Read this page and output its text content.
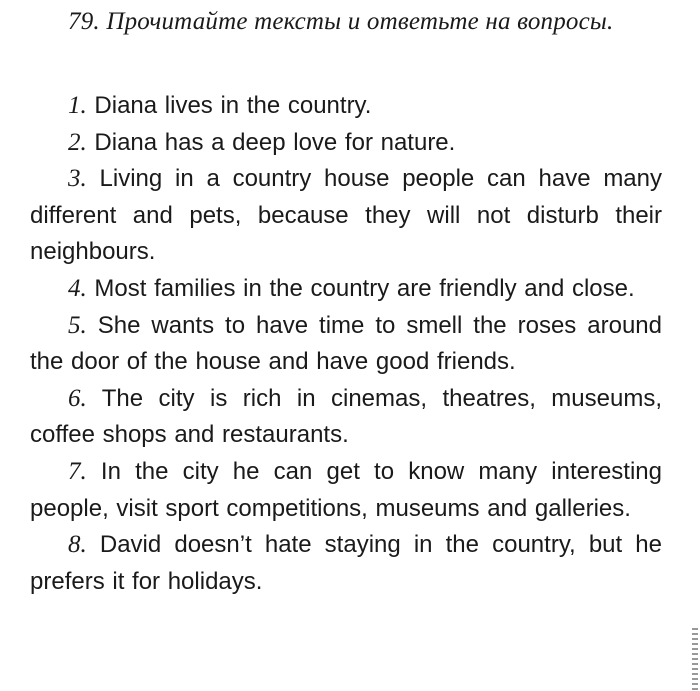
79. Прочитайте тексты и ответьте на вопросы.

1. Diana lives in the country.

2. Diana has a deep love for nature.

3. Living in a country house people can have many different and pets, because they will not disturb their neighbours.

4. Most families in the country are friendly and close.

5. She wants to have time to smell the roses around the door of the house and have good friends.

6. The city is rich in cinemas, theatres, museums, coffee shops and restaurants.

7. In the city he can get to know many interesting people, visit sport competitions, museums and galleries.

8. David doesn’t hate staying in the country, but he prefers it for holidays.
